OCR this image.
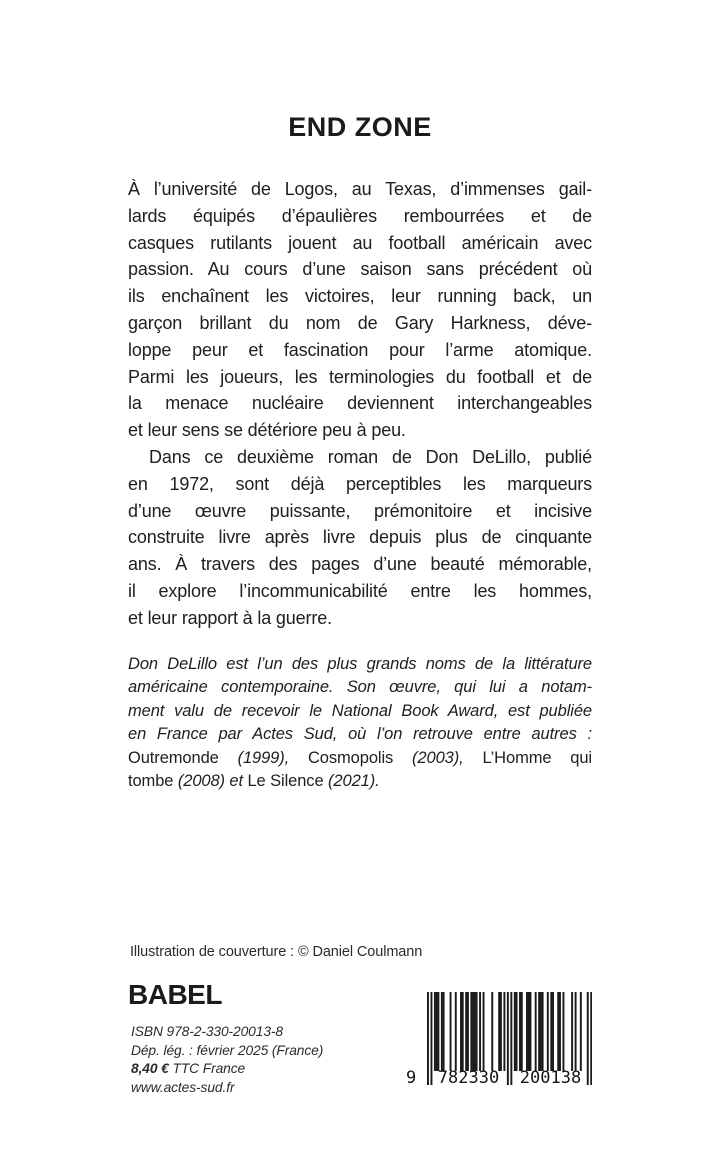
END ZONE
À l’université de Logos, au Texas, d’immenses gail-
lards équipés d’épaulières rembourrées et de
casques rutilants jouent au football américain avec
passion. Au cours d’une saison sans précédent où
ils enchaînent les victoires, leur running back, un
garçon brillant du nom de Gary Harkness, déve-
loppe peur et fascination pour l’arme atomique.
Parmi les joueurs, les terminologies du football et de
la menace nucléaire deviennent interchangeables
et leur sens se détériore peu à peu.
Dans ce deuxième roman de Don DeLillo, publié
en 1972, sont déjà perceptibles les marqueurs
d’une œuvre puissante, prémonitoire et incisive
construite livre après livre depuis plus de cinquante
ans. À travers des pages d’une beauté mémorable,
il explore l’incommunicabilité entre les hommes,
et leur rapport à la guerre.
Don DeLillo est l’un des plus grands noms de la littérature
américaine contemporaine. Son œuvre, qui lui a notam-
ment valu de recevoir le National Book Award, est publiée
en France par Actes Sud, où l’on retrouve entre autres :
Outremonde (1999), Cosmopolis (2003), L’Homme qui
tombe (2008) et Le Silence (2021).
Illustration de couverture : © Daniel Coulmann
BABEL
ISBN 978-2-330-20013-8
Dép. lég. : février 2025 (France)
8,40 € TTC France
www.actes-sud.fr	9	782330 200138
